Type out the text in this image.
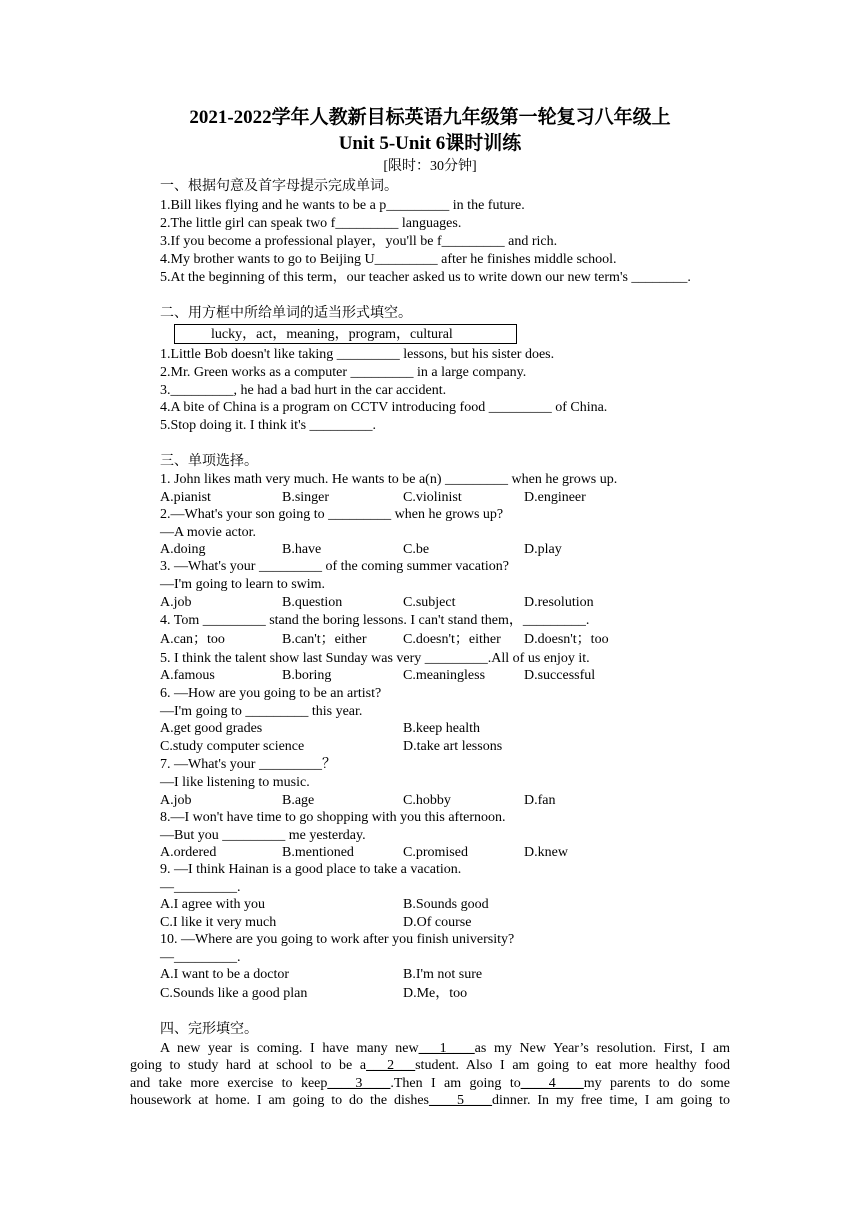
2021-2022学年人教新目标英语九年级第一轮复习八年级上
Unit 5-Unit 6课时训练
[限时：30分钟]
一、根据句意及首字母提示完成单词。
1.Bill likes flying and he wants to be a p_________ in the future.
2.The little girl can speak two f_________ languages.
3.If you become a professional player，you'll be f_________ and rich.
4.My brother wants to go to Beijing U_________ after he finishes middle school.
5.At the beginning of this term，our teacher asked us to write down our new term's ________.
二、用方框中所给单词的适当形式填空。
lucky，act，meaning，program，cultural
1.Little Bob doesn't like taking _________ lessons, but his sister does.
2.Mr. Green works as a computer _________ in a large company.
3._________, he had a bad hurt in the car accident.
4.A bite of China is a program on CCTV introducing food _________ of China.
5.Stop doing it. I think it's _________.
三、单项选择。
1. John likes math very much. He wants to be a(n) _________ when he grows up.
A.pianist	B.singer	C.violinist	D.engineer
2.—What's your son going to _________ when he grows up?
—A movie actor.
A.doing	B.have	C.be	D.play
3. —What's your _________ of the coming summer vacation?
—I'm going to learn to swim.
A.job	B.question	C.subject	D.resolution
4. Tom _________ stand the boring lessons. I can't stand them，_________.
A.can；too	B.can't；either	C.doesn't；either D.doesn't；too
5. I think the talent show last Sunday was very _________.All of us enjoy it.
A.famous	B.boring	C.meaningless	D.successful
6. —How are you going to be an artist?
—I'm going to _________ this year.
A.get good grades	B.keep health
C.study computer science	D.take art lessons
7. —What's your _________？
—I like listening to music.
A.job	B.age	C.hobby	D.fan
8.—I won't have time to go shopping with you this afternoon.
—But you _________ me yesterday.
A.ordered	B.mentioned	C.promised	D.knew
9. —I think Hainan is a good place to take a vacation.
—_________.
A.I agree with you	B.Sounds good
C.I like it very much	D.Of course
10. —Where are you going to work after you finish university?
—_________.
A.I want to be a doctor	B.I'm not sure
C.Sounds like a good plan	D.Me，too
四、完形填空。
A new year is coming. I have many new___1____as my New Year’s resolution. First, I am
going to study hard at school to be a___2___student. Also I am going to eat more healthy food
and take more exercise to keep____3____.Then I am going to____4____my parents to do some
housework at home. I am going to do the dishes____5____dinner. In my free time, I am going to
